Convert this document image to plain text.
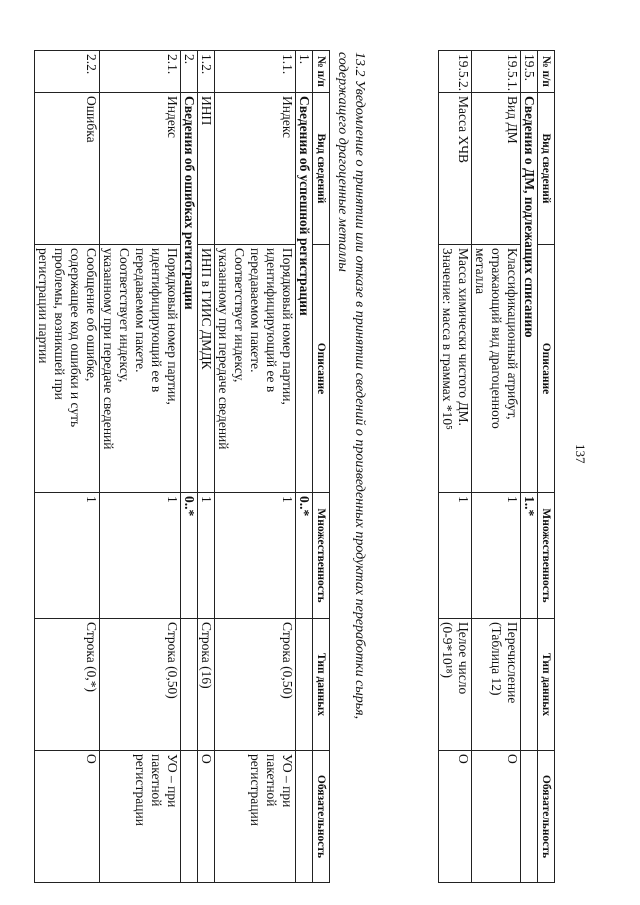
137
№ п/п	Вид сведений	Описание	Множественность	Тип данных	Обязательность
19.5.	Сведения о ДМ, подлежащих списанию		1..*		
19.5.1.	Вид ДМ	Классификационный атрибут,
отражающий вид драгоценного
металла	1	Перечисление
(Таблица 12)	О
19.5.2.	Масса ХЧВ	Масса химически чистого ДМ.
Значение: масса в граммах *10⁵	1	Целое число
(0-9*10¹⁸)	О
13.2 Уведомление о принятии или отказе в принятии сведений о произведенных продуктах переработки сырья,
содержащего драгоценные металлы
№ п/п	Вид сведений	Описание	Множественность	Тип данных	Обязательность
1.	Сведения об успешной регистрации		0..*		
1.1.	Индекс	Порядковый номер партии,
идентифицирующий ее в
передаваемом пакете.
Соответствует индексу,
указанному при передаче сведений	1	Строка (0,50)	УО – при
пакетной
регистрации

1.2.	ИНП	ИНП в ГИИС ДМДК	1	Строка (16)	О
2.	Сведения об ошибках регистрации		0..*		
2.1.	Индекс	Порядковый номер партии,
идентифицирующий ее в
передаваемом пакете.
Соответствует индексу,
указанному при передаче сведений	1	Строка (0,50)	УО – при
пакетной
регистрации

2.2.	Ошибка	Сообщение об ошибке,
содержащее код ошибки и суть
проблемы, возникшей при
регистрации партии	1	Строка (0,*)	О
